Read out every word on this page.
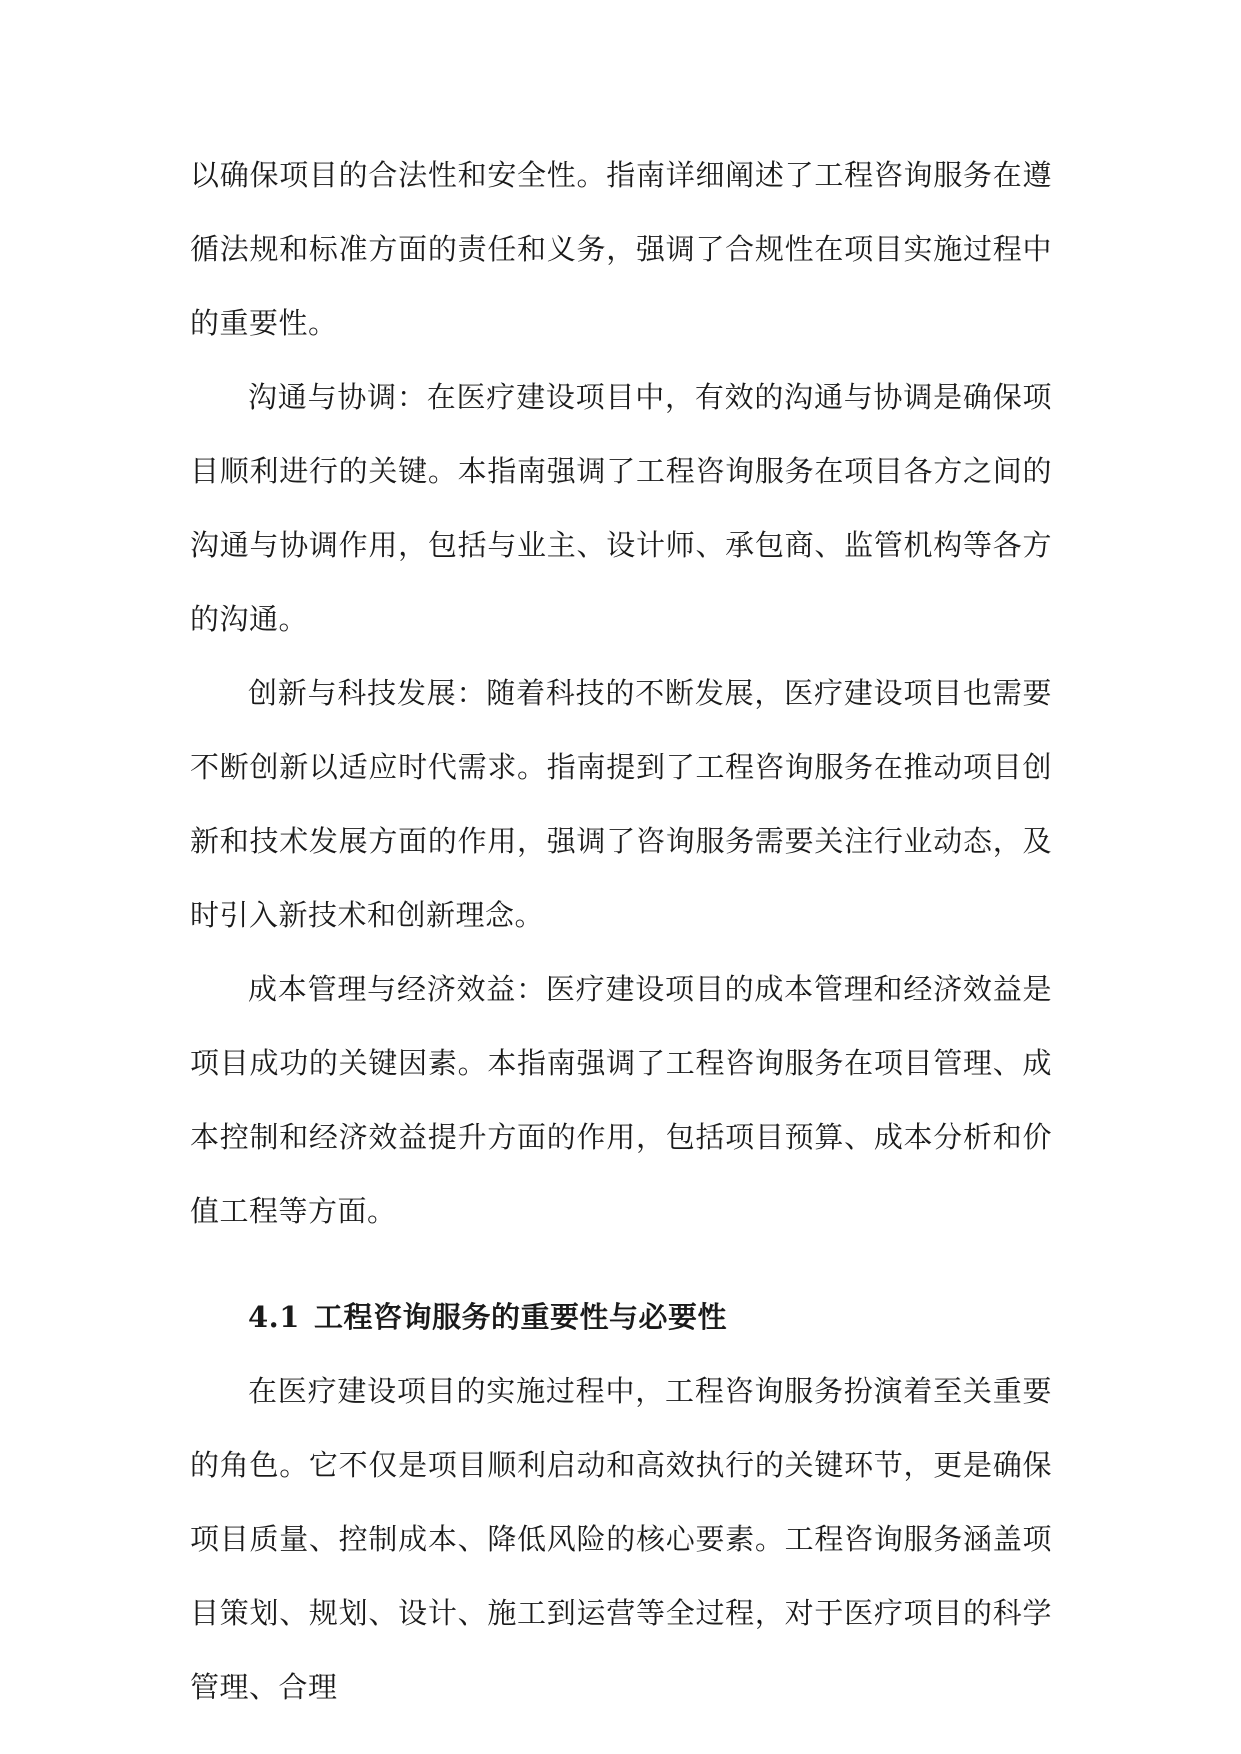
以确保项目的合法性和安全性。指南详细阐述了工程咨询服务在遵循法规和标准方面的责任和义务，强调了合规性在项目实施过程中的重要性。

沟通与协调：在医疗建设项目中，有效的沟通与协调是确保项目顺利进行的关键。本指南强调了工程咨询服务在项目各方之间的沟通与协调作用，包括与业主、设计师、承包商、监管机构等各方的沟通。

创新与科技发展：随着科技的不断发展，医疗建设项目也需要不断创新以适应时代需求。指南提到了工程咨询服务在推动项目创新和技术发展方面的作用，强调了咨询服务需要关注行业动态，及时引入新技术和创新理念。

成本管理与经济效益：医疗建设项目的成本管理和经济效益是项目成功的关键因素。本指南强调了工程咨询服务在项目管理、成本控制和经济效益提升方面的作用，包括项目预算、成本分析和价值工程等方面。

4.1 工程咨询服务的重要性与必要性

在医疗建设项目的实施过程中，工程咨询服务扮演着至关重要的角色。它不仅是项目顺利启动和高效执行的关键环节，更是确保项目质量、控制成本、降低风险的核心要素。工程咨询服务涵盖项目策划、规划、设计、施工到运营等全过程，对于医疗项目的科学管理、合理
